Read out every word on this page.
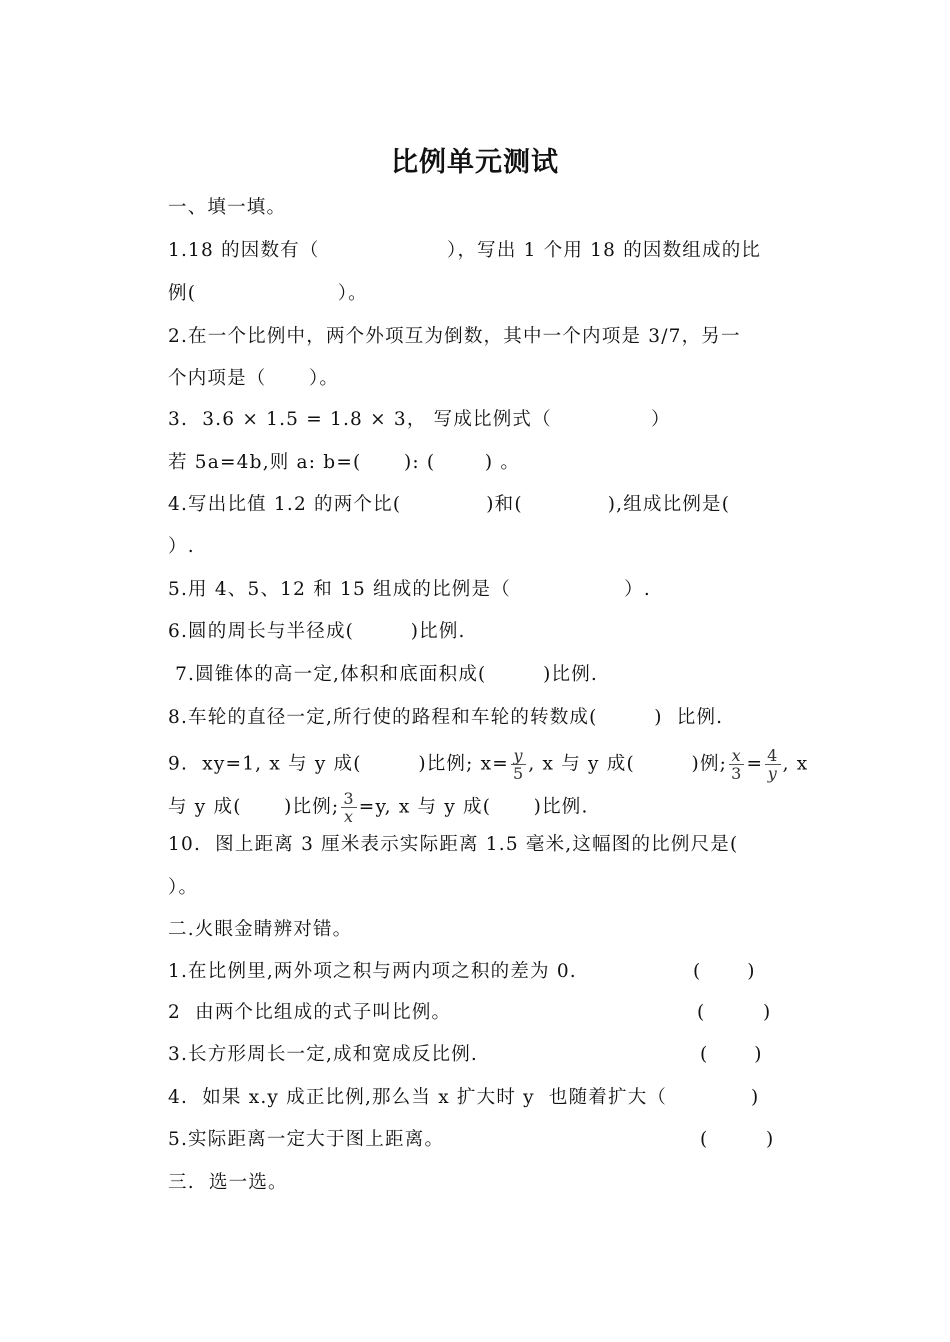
比例单元测试
一、填一填。
1.18 的因数有（                  ），写出 1 个用 18 的因数组成的比
例(                    ）。
2.在一个比例中，两个外项互为倒数，其中一个内项是 3/7，另一
个内项是（      ）。
3.  3.6 × 1.5 = 1.8 × 3， 写成比例式（              ）
若 5a=4b,则 a: b=(      ): (       ) 。
4.写出比值 1.2 的两个比(            )和(            ),组成比例是(
）.
5.用 4、5、12 和 15 组成的比例是（                ）.
6.圆的周长与半径成(        )比例.
7.圆锥体的高一定,体积和底面积成(        )比例.
8.车轮的直径一定,所行使的路程和车轮的转数成(        )  比例.
9.  xy=1, x 与 y 成(        )比例; $x= \frac{y}{5}$ , x 与 y 成(        )例; $\frac{x}{3} = \frac{4}{y}$ , x
与 y 成(      )比例; $\frac{3}{x} =y$, x 与 y 成(      )比例.
10.  图上距离 3 厘米表示实际距离 1.5 毫米,这幅图的比例尺是(
）。
二.火眼金睛辨对错。
1.在比例里,两外项之积与两内项之积的差为 0.	(        )
2  由两个比组成的式子叫比例。	(          )
3.长方形周长一定,成和宽成反比例.	(        )
4.  如果 x.y 成正比例,那么当 x 扩大时 y  也随着扩大（	)
5.实际距离一定大于图上距离。	(          )
三.  选一选。
